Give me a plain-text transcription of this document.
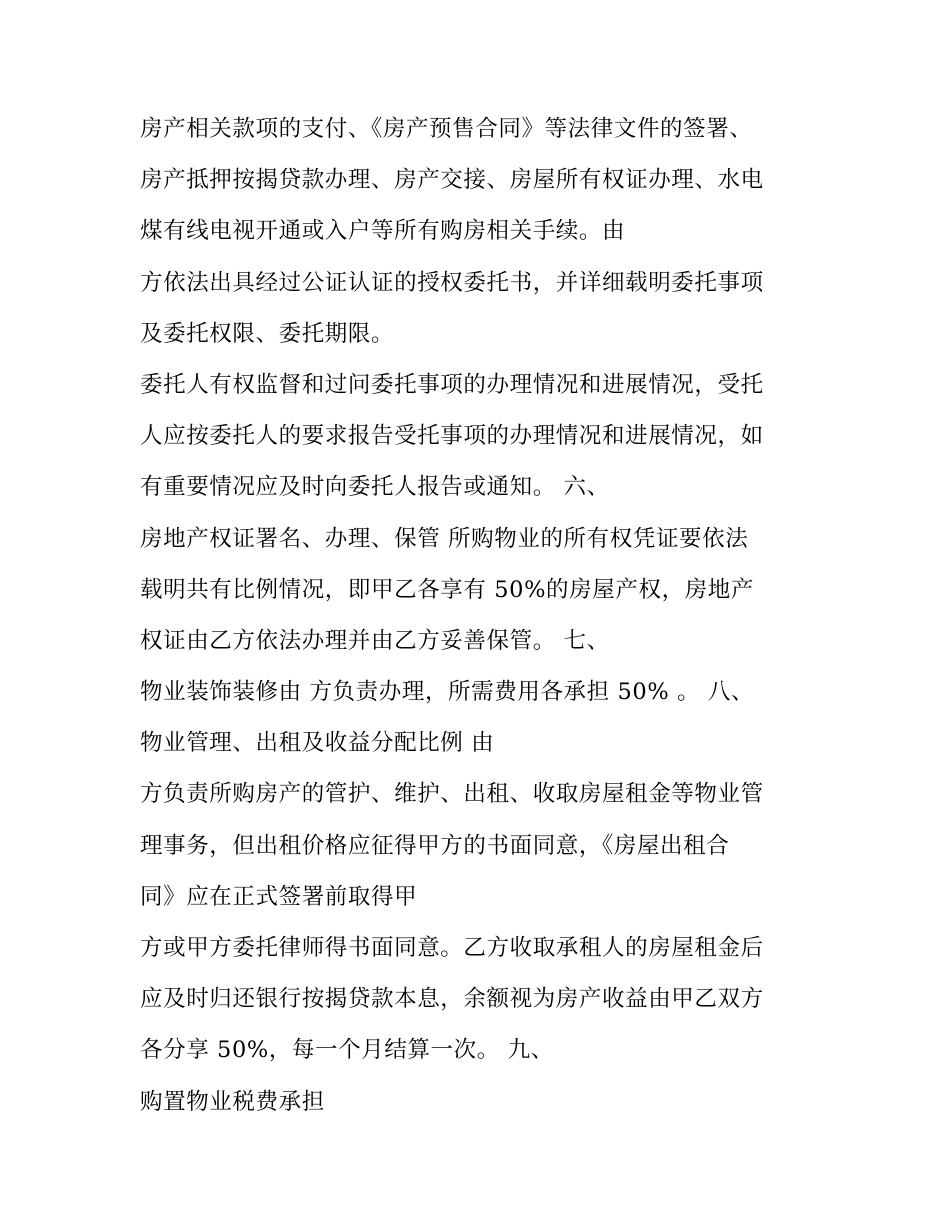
房产相关款项的支付、《房产预售合同》等法律文件的签署、
房产抵押按揭贷款办理、房产交接、房屋所有权证办理、水电
煤有线电视开通或入户等所有购房相关手续。由
方依法出具经过公证认证的授权委托书，并详细载明委托事项
及委托权限、委托期限。
委托人有权监督和过问委托事项的办理情况和进展情况，受托
人应按委托人的要求报告受托事项的办理情况和进展情况，如
有重要情况应及时向委托人报告或通知。 六、
房地产权证署名、办理、保管 所购物业的所有权凭证要依法
载明共有比例情况，即甲乙各享有 50%的房屋产权，房地产
权证由乙方依法办理并由乙方妥善保管。 七、
物业装饰装修由 方负责办理，所需费用各承担 50% 。 八、
物业管理、出租及收益分配比例 由
方负责所购房产的管护、维护、出租、收取房屋租金等物业管
理事务，但出租价格应征得甲方的书面同意，《房屋出租合
同》应在正式签署前取得甲
方或甲方委托律师得书面同意。乙方收取承租人的房屋租金后
应及时归还银行按揭贷款本息，余额视为房产收益由甲乙双方
各分享 50%，每一个月结算一次。 九、
购置物业税费承担
